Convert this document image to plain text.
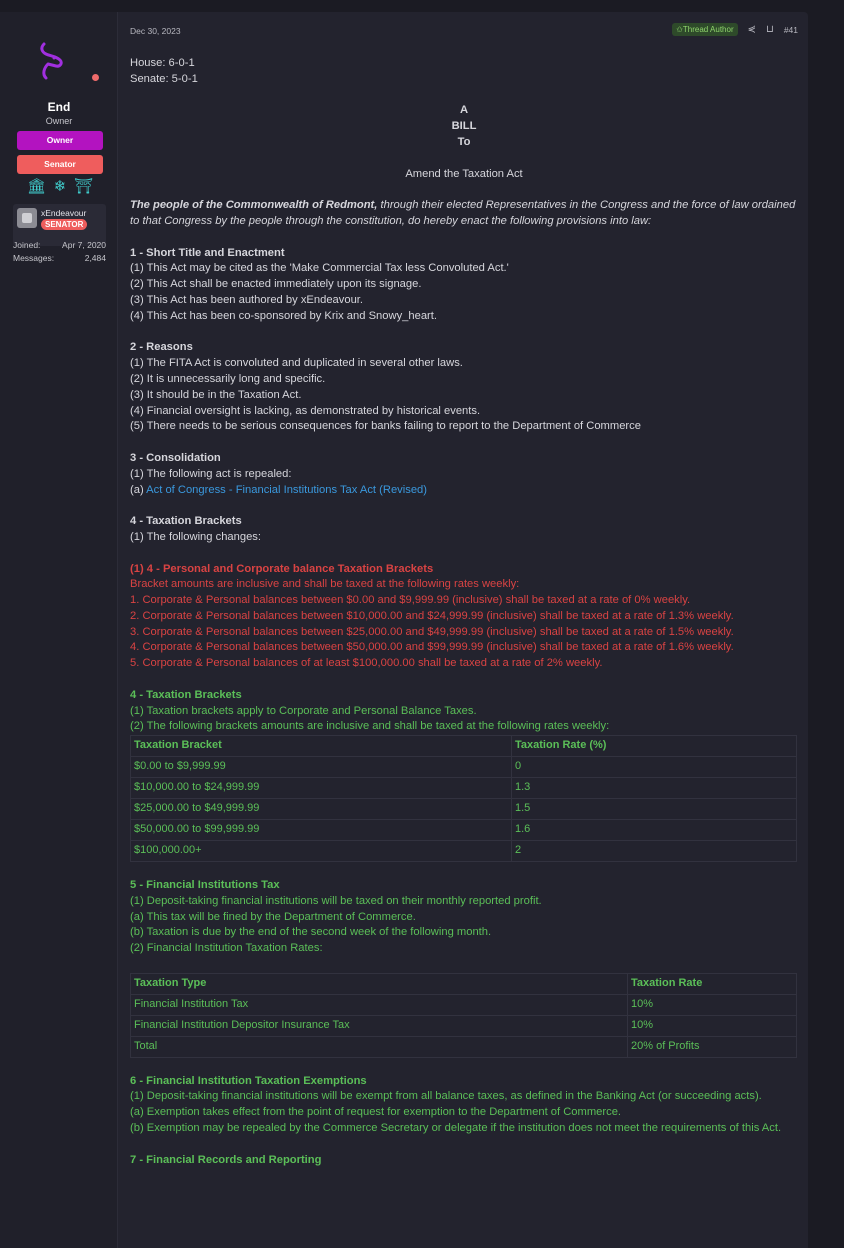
End
Owner
Owner
Senator
🏛 ❄ ⛩
xEndeavour
SENATOR
Joined:	Apr 7, 2020
Messages:	2,484
Dec 30, 2023	✩Thread Author	⋞ ⊔ #41
House: 6-0-1
Senate: 5-0-1
A
BILL
To
Amend the Taxation Act
The people of the Commonwealth of Redmont, through their elected Representatives in the Congress and the force of law ordained to that Congress by the people through the constitution, do hereby enact the following provisions into law:
1 - Short Title and Enactment
(1) This Act may be cited as the 'Make Commercial Tax less Convoluted Act.'
(2) This Act shall be enacted immediately upon its signage.
(3) This Act has been authored by xEndeavour.
(4) This Act has been co-sponsored by Krix and Snowy_heart.
2 - Reasons
(1) The FITA Act is convoluted and duplicated in several other laws.
(2) It is unnecessarily long and specific.
(3) It should be in the Taxation Act.
(4) Financial oversight is lacking, as demonstrated by historical events.
(5) There needs to be serious consequences for banks failing to report to the Department of Commerce
3 - Consolidation
(1) The following act is repealed:
(a) Act of Congress - Financial Institutions Tax Act (Revised)
4 - Taxation Brackets
(1) The following changes:
(1) 4 - Personal and Corporate balance Taxation Brackets
Bracket amounts are inclusive and shall be taxed at the following rates weekly:
1. Corporate & Personal balances between $0.00 and $9,999.99 (inclusive) shall be taxed at a rate of 0% weekly.
2. Corporate & Personal balances between $10,000.00 and $24,999.99 (inclusive) shall be taxed at a rate of 1.3% weekly.
3. Corporate & Personal balances between $25,000.00 and $49,999.99 (inclusive) shall be taxed at a rate of 1.5% weekly.
4. Corporate & Personal balances between $50,000.00 and $99,999.99 (inclusive) shall be taxed at a rate of 1.6% weekly.
5. Corporate & Personal balances of at least $100,000.00 shall be taxed at a rate of 2% weekly.
4 - Taxation Brackets
(1) Taxation brackets apply to Corporate and Personal Balance Taxes.
(2) The following brackets amounts are inclusive and shall be taxed at the following rates weekly:
Taxation Bracket	Taxation Rate (%)
$0.00 to $9,999.99	0
$10,000.00 to $24,999.99	1.3
$25,000.00 to $49,999.99	1.5
$50,000.00 to $99,999.99	1.6
$100,000.00+	2
5 - Financial Institutions Tax
(1) Deposit-taking financial institutions will be taxed on their monthly reported profit.
(a) This tax will be fined by the Department of Commerce.
(b) Taxation is due by the end of the second week of the following month.
(2) Financial Institution Taxation Rates:
Taxation Type	Taxation Rate
Financial Institution Tax	10%
Financial Institution Depositor Insurance Tax	10%
Total	20% of Profits
6 - Financial Institution Taxation Exemptions
(1) Deposit-taking financial institutions will be exempt from all balance taxes, as defined in the Banking Act (or succeeding acts).
(a) Exemption takes effect from the point of request for exemption to the Department of Commerce.
(b) Exemption may be repealed by the Commerce Secretary or delegate if the institution does not meet the requirements of this Act.
7 - Financial Records and Reporting
